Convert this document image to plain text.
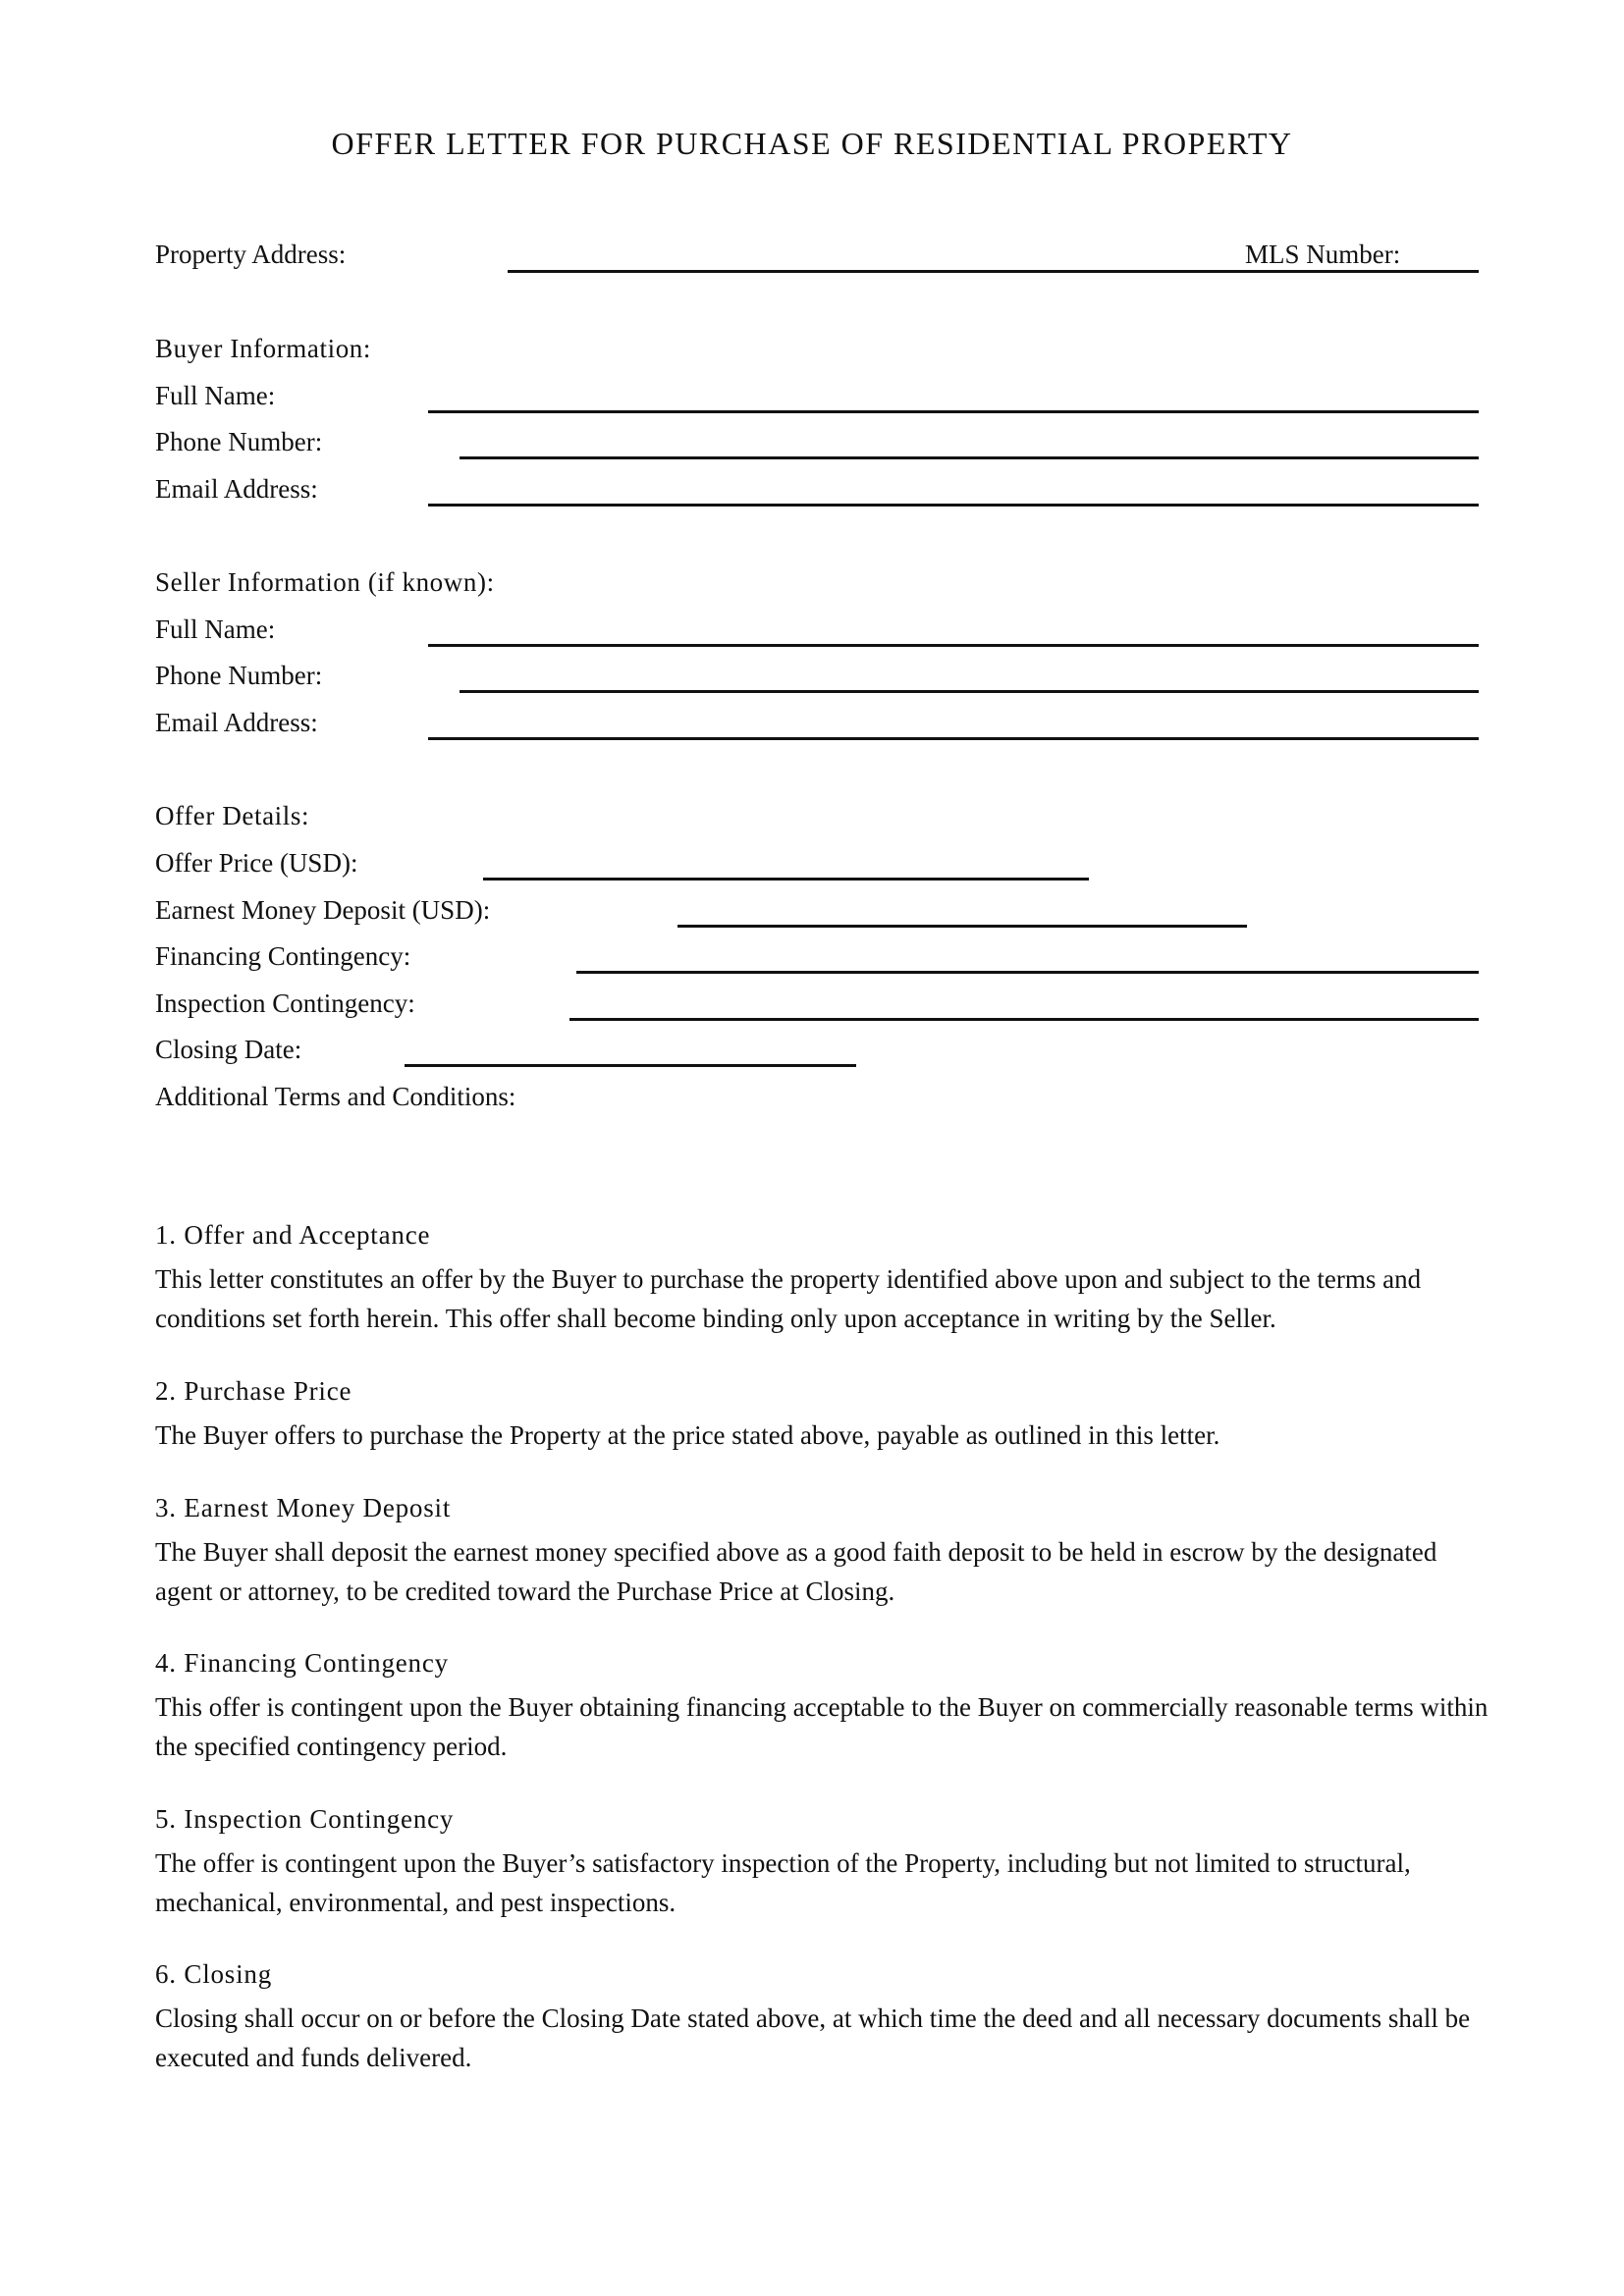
OFFER LETTER FOR PURCHASE OF RESIDENTIAL PROPERTY
Property Address:	MLS Number:
Buyer Information:
Full Name:
Phone Number:
Email Address:
Seller Information (if known):
Full Name:
Phone Number:
Email Address:
Offer Details:
Offer Price (USD):
Earnest Money Deposit (USD):
Financing Contingency:
Inspection Contingency:
Closing Date:
Additional Terms and Conditions:
1. Offer and Acceptance

This letter constitutes an offer by the Buyer to purchase the property identified above upon and subject to the terms and conditions set forth herein. This offer shall become binding only upon acceptance in writing by the Seller.

2. Purchase Price

The Buyer offers to purchase the Property at the price stated above, payable as outlined in this letter.

3. Earnest Money Deposit

The Buyer shall deposit the earnest money specified above as a good faith deposit to be held in escrow by the designated agent or attorney, to be credited toward the Purchase Price at Closing.

4. Financing Contingency

This offer is contingent upon the Buyer obtaining financing acceptable to the Buyer on commercially reasonable terms within the specified contingency period.

5. Inspection Contingency

The offer is contingent upon the Buyer’s satisfactory inspection of the Property, including but not limited to structural, mechanical, environmental, and pest inspections.

6. Closing

Closing shall occur on or before the Closing Date stated above, at which time the deed and all necessary documents shall be executed and funds delivered.
